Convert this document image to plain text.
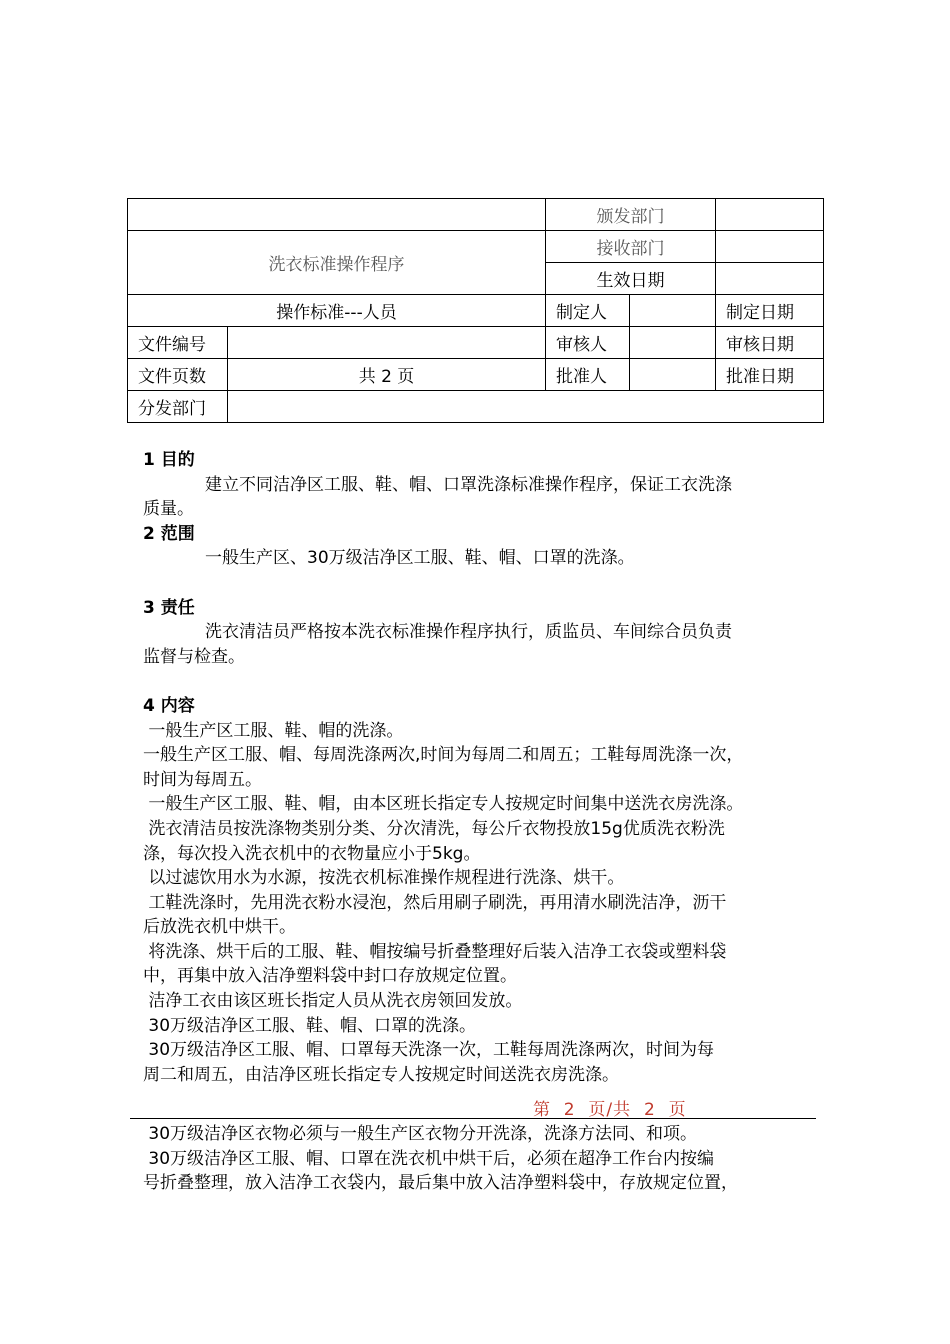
		颁发部门		
洗衣标准操作程序		接收部门		
		生效日期		
操作标准---人员		制定人		制定日期
文件编号		审核人		审核日期
文件页数	共 2 页	批准人		批准日期
分发部门				
1 目的
建立不同洁净区工服、鞋、帽、口罩洗涤标准操作程序，保证工衣洗涤
质量。
2 范围
一般生产区、30万级洁净区工服、鞋、帽、口罩的洗涤。
3 责任
洗衣清洁员严格按本洗衣标准操作程序执行，质监员、车间综合员负责
监督与检查。
4 内容
一般生产区工服、鞋、帽的洗涤。
一般生产区工服、帽、每周洗涤两次,时间为每周二和周五；工鞋每周洗涤一次，
时间为每周五。
一般生产区工服、鞋、帽，由本区班长指定专人按规定时间集中送洗衣房洗涤。
洗衣清洁员按洗涤物类别分类、分次清洗，每公斤衣物投放15g优质洗衣粉洗
涤，每次投入洗衣机中的衣物量应小于5kg。
以过滤饮用水为水源，按洗衣机标准操作规程进行洗涤、烘干。
工鞋洗涤时，先用洗衣粉水浸泡，然后用刷子刷洗，再用清水刷洗洁净，沥干
后放洗衣机中烘干。
将洗涤、烘干后的工服、鞋、帽按编号折叠整理好后装入洁净工衣袋或塑料袋
中，再集中放入洁净塑料袋中封口存放规定位置。
洁净工衣由该区班长指定人员从洗衣房领回发放。
30万级洁净区工服、鞋、帽、口罩的洗涤。
30万级洁净区工服、帽、口罩每天洗涤一次，工鞋每周洗涤两次，时间为每
周二和周五，由洁净区班长指定专人按规定时间送洗衣房洗涤。
第  2  页/共  2  页
30万级洁净区衣物必须与一般生产区衣物分开洗涤，洗涤方法同、和项。
30万级洁净区工服、帽、口罩在洗衣机中烘干后，必须在超净工作台内按编
号折叠整理，放入洁净工衣袋内，最后集中放入洁净塑料袋中，存放规定位置，
